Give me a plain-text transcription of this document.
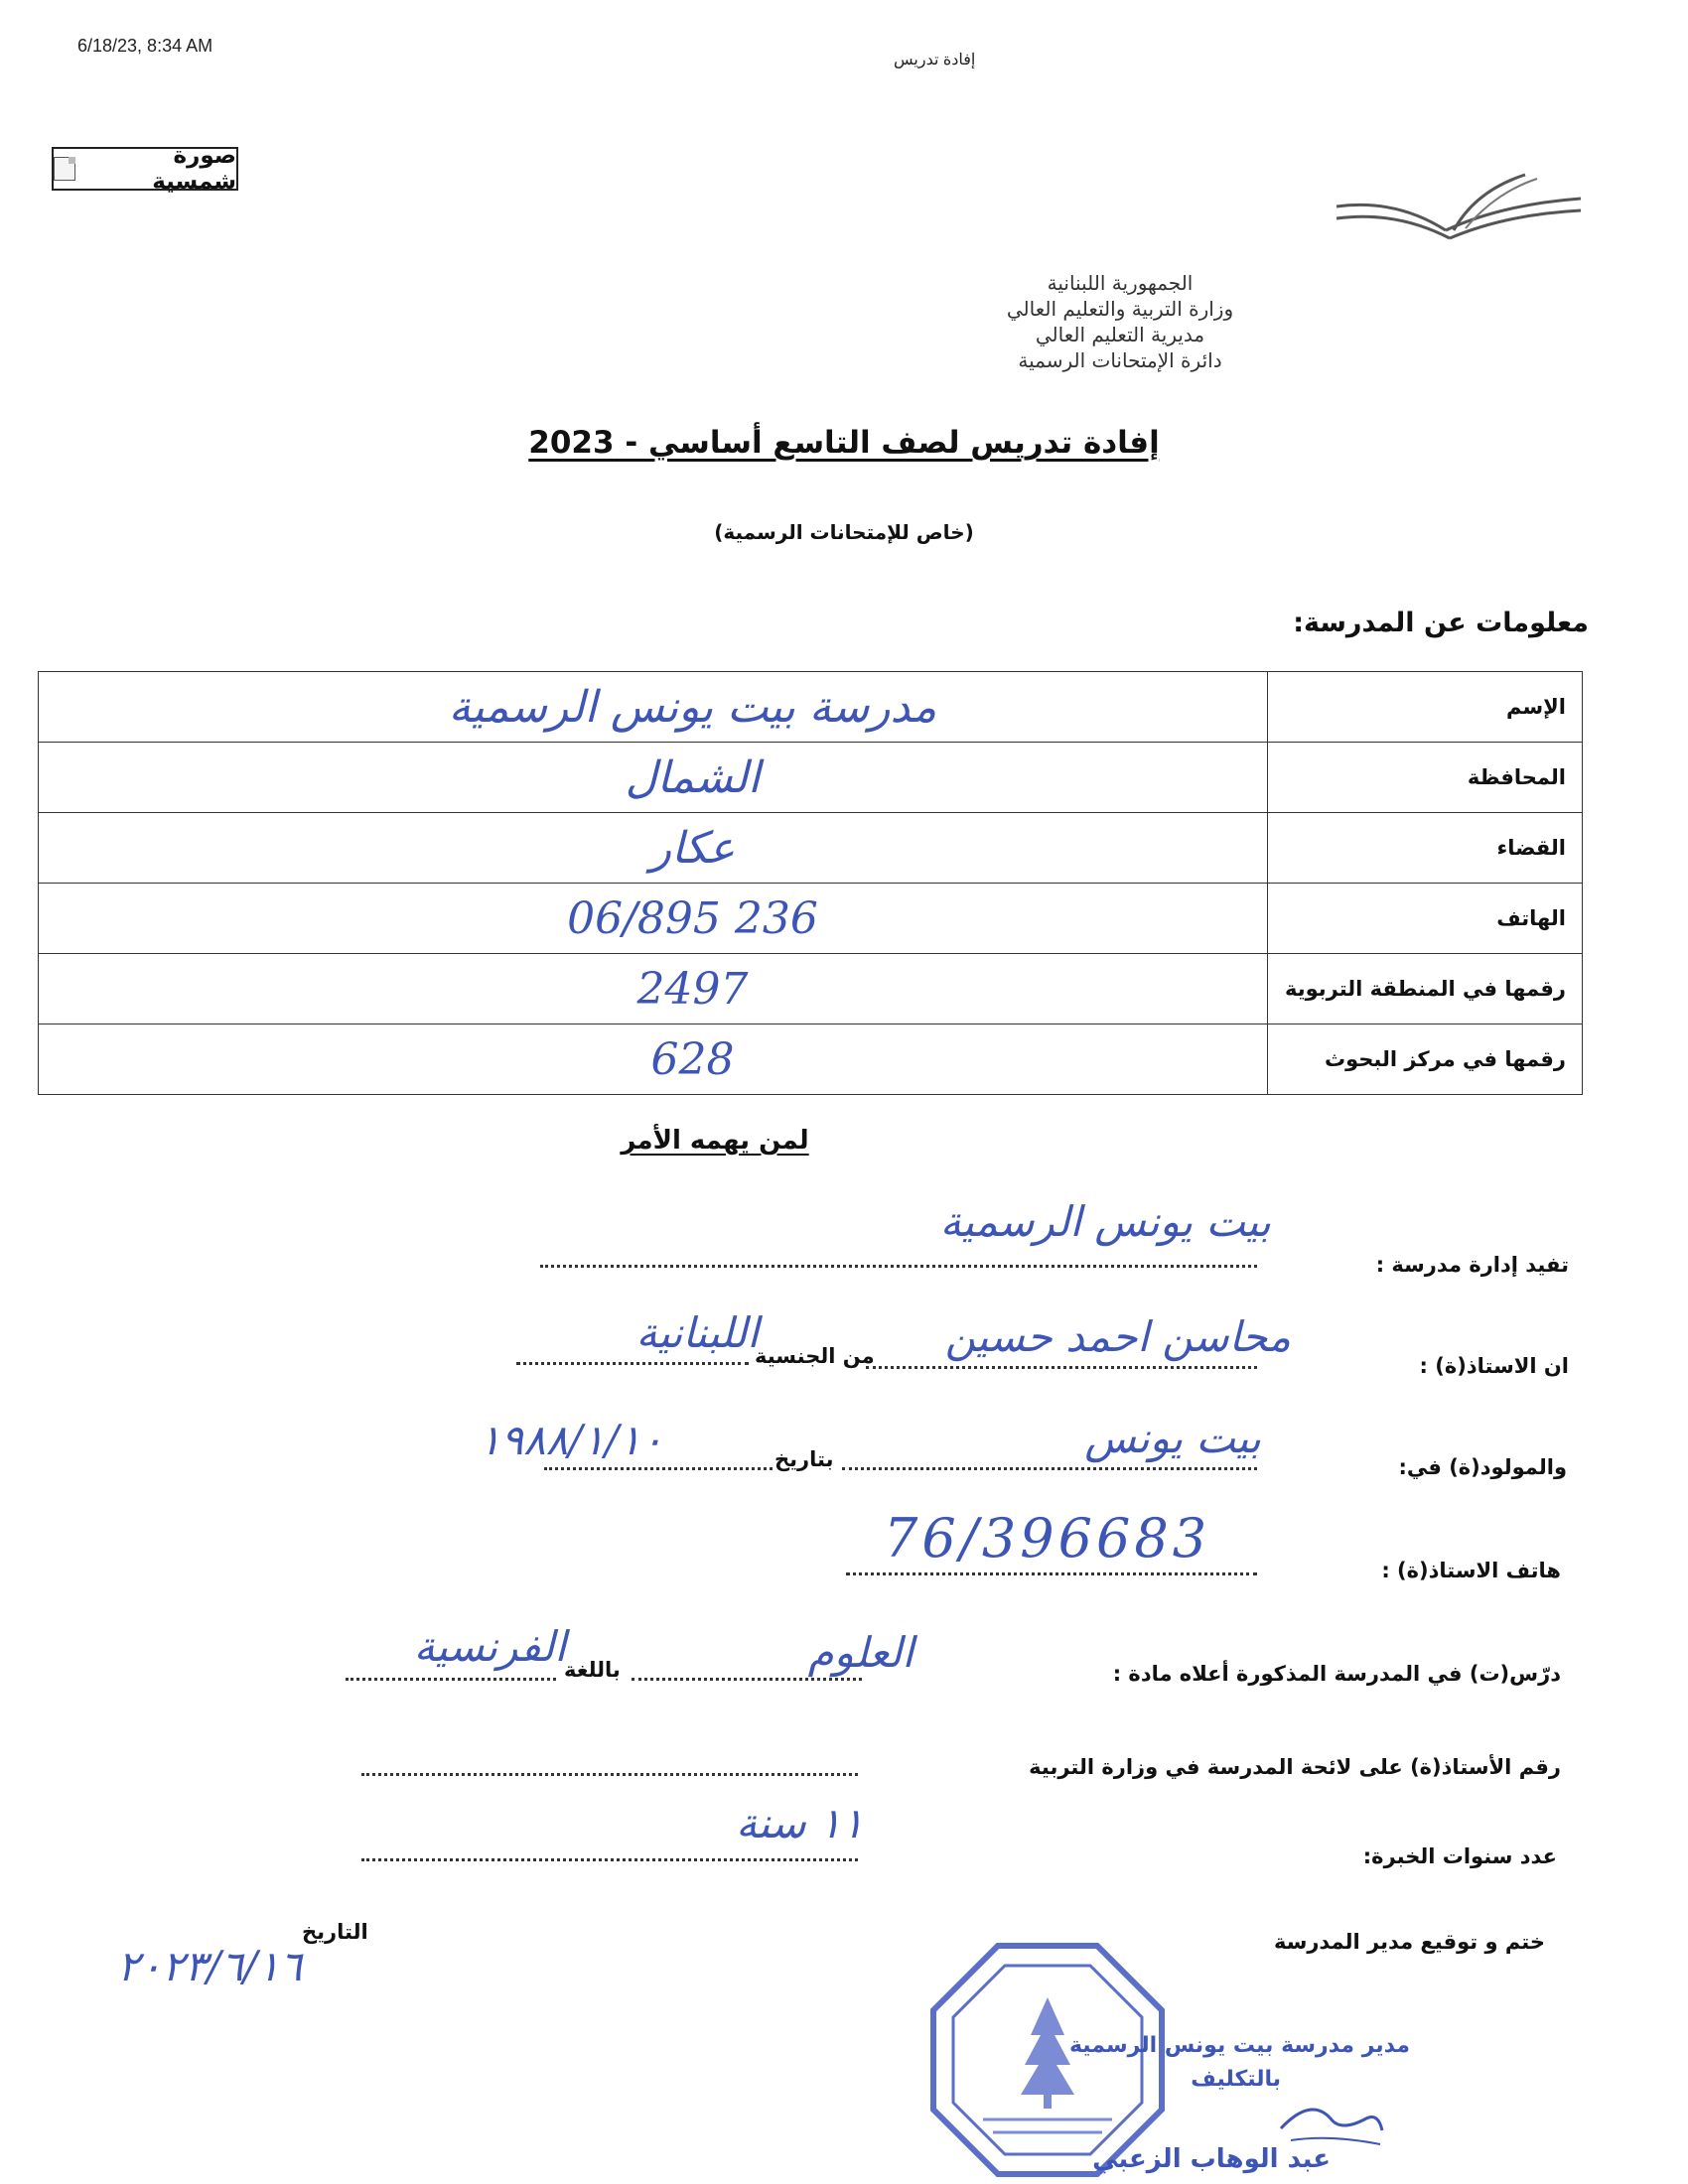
6/18/23, 8:34 AM
إفادة تدريس
صورة شمسية
الجمهورية اللبنانية
وزارة التربية والتعليم العالي
مديرية التعليم العالي
دائرة الإمتحانات الرسمية
إفادة تدريس لصف التاسع أساسي - 2023
(خاص للإمتحانات الرسمية)
معلومات عن المدرسة:
مدرسة بيت يونس الرسمية	الإسم
الشمال	المحافظة
عكار	القضاء
06/895 236	الهاتف
2497	رقمها في المنطقة التربوية
628	رقمها في مركز البحوث
لمن يهمه الأمر
تفيد إدارة مدرسة :
بيت يونس الرسمية
ان الاستاذ(ة) :
محاسن احمد حسين
من الجنسية
اللبنانية
والمولود(ة) في:
بيت يونس
بتاريخ
١٩٨٨/١/١٠
هاتف الاستاذ(ة) :
76/396683
درّس(ت) في المدرسة المذكورة أعلاه مادة :
العلوم
باللغة
الفرنسية
رقم الأستاذ(ة) على لائحة المدرسة في وزارة التربية
عدد سنوات الخبرة:
١١ سنة
ختم و توقيع مدير المدرسة
التاريخ
٢٠٢٣/٦/١٦
مدير مدرسة بيت يونس الرسمية
بالتكليف
عبد الوهاب الزعبي
